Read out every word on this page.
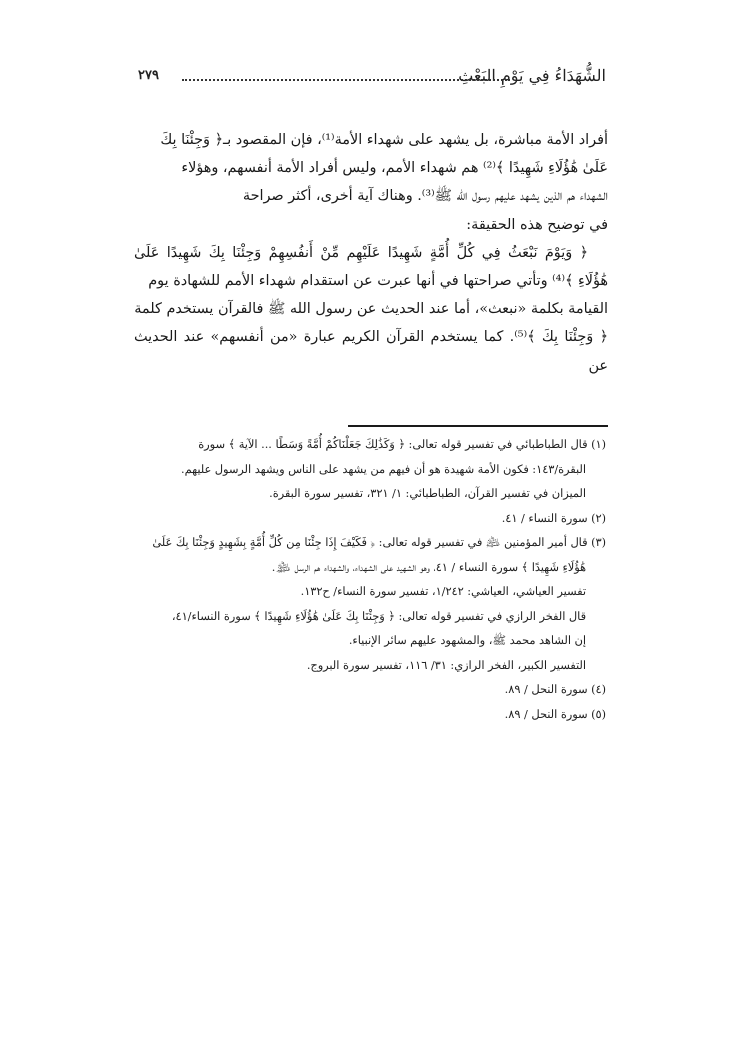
الشُّهَدَاءُ فِي يَوْمِ البَعْثِ
٢٧٩

أفراد الأمة مباشرة، بل يشهد على شهداء الأمة⁽¹⁾، فإن المقصود بـ﴿ وَجِئْنَا بِكَ

عَلَىٰ هَٰؤُلَاءِ شَهِيدًا ﴾⁽²⁾ هم شهداء الأمم، وليس أفراد الأمة أنفسهم، وهؤلاء

الشهداء هم الذين يشهد عليهم رسول الله ﷺ⁽³⁾. وهناك آية أخرى، أكثر صراحة

في توضيح هذه الحقيقة:

﴿ وَيَوْمَ نَبْعَثُ فِي كُلِّ أُمَّةٍ شَهِيدًا عَلَيْهِم مِّنْ أَنفُسِهِمْ وَجِئْنَا بِكَ شَهِيدًا عَلَىٰ

هَٰؤُلَاءِ ﴾⁽⁴⁾ وتأتي صراحتها في أنها عبرت عن استقدام شهداء الأمم للشهادة يوم

القيامة بكلمة «نبعث»، أما عند الحديث عن رسول الله ﷺ فالقرآن يستخدم كلمة

﴿ وَجِئْنَا بِكَ ﴾⁽⁵⁾. كما يستخدم القرآن الكريم عبارة «من أنفسهم» عند الحديث عن

(١) قال الطباطبائي في تفسير قوله تعالى: ﴿ وَكَذَٰلِكَ جَعَلْنَاكُمْ أُمَّةً وَسَطًا ... الآية ﴾ سورة

البقرة/١٤٣: فكون الأمة شهيدة هو أن فيهم من يشهد على الناس ويشهد الرسول عليهم.

الميزان في تفسير القرآن، الطباطبائي: ١/ ٣٢١، تفسير سورة البقرة.

(٢) سورة النساء / ٤١.

(٣) قال أمير المؤمنين ﵇ في تفسير قوله تعالى: ﴿ فَكَيْفَ إِذَا جِئْنَا مِن كُلِّ أُمَّةٍ بِشَهِيدٍ وَجِئْنَا بِكَ عَلَىٰ

هَٰؤُلَاءِ شَهِيدًا ﴾ سورة النساء / ٤١، وهو الشهيد على الشهداء، والشهداء هم الرسل ﵈.

تفسير العياشي، العياشي: ١/٢٤٢، تفسير سورة النساء/ ح١٣٢.

قال الفخر الرازي في تفسير قوله تعالى: ﴿ وَجِئْنَا بِكَ عَلَىٰ هَٰؤُلَاءِ شَهِيدًا ﴾ سورة النساء/٤١،

إن الشاهد محمد ﷺ، والمشهود عليهم سائر الإنبياء.

التفسير الكبير، الفخر الرازي: ٣١/ ١١٦، تفسير سورة البروج.

(٤) سورة النحل / ٨٩.

(٥) سورة النحل / ٨٩.
